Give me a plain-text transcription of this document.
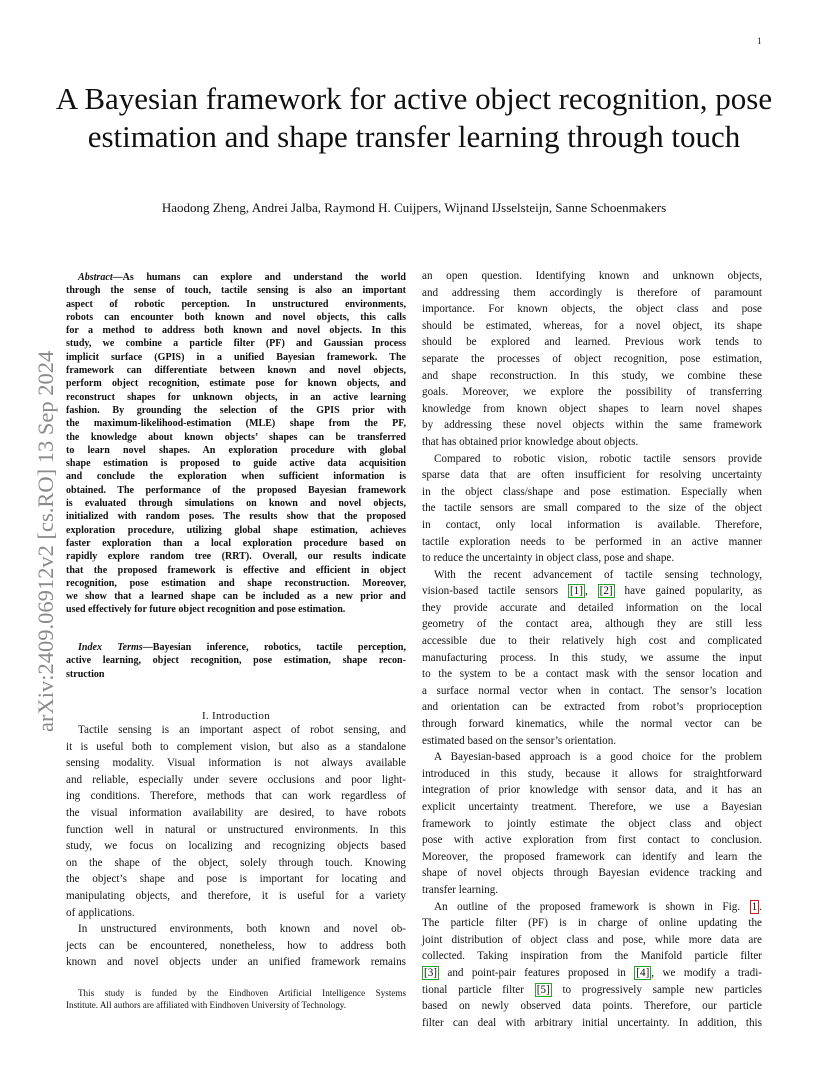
1
arXiv:2409.06912v2 [cs.RO] 13 Sep 2024
A Bayesian framework for active object recognition, pose estimation and shape transfer learning through touch
Haodong Zheng, Andrei Jalba, Raymond H. Cuijpers, Wijnand IJsselsteijn, Sanne Schoenmakers
Abstract—As humans can explore and understand the world
through the sense of touch, tactile sensing is also an important
aspect of robotic perception. In unstructured environments,
robots can encounter both known and novel objects, this calls
for a method to address both known and novel objects. In this
study, we combine a particle filter (PF) and Gaussian process
implicit surface (GPIS) in a unified Bayesian framework. The
framework can differentiate between known and novel objects,
perform object recognition, estimate pose for known objects, and
reconstruct shapes for unknown objects, in an active learning
fashion. By grounding the selection of the GPIS prior with
the maximum-likelihood-estimation (MLE) shape from the PF,
the knowledge about known objects’ shapes can be transferred
to learn novel shapes. An exploration procedure with global
shape estimation is proposed to guide active data acquisition
and conclude the exploration when sufficient information is
obtained. The performance of the proposed Bayesian framework
is evaluated through simulations on known and novel objects,
initialized with random poses. The results show that the proposed
exploration procedure, utilizing global shape estimation, achieves
faster exploration than a local exploration procedure based on
rapidly explore random tree (RRT). Overall, our results indicate
that the proposed framework is effective and efficient in object
recognition, pose estimation and shape reconstruction. Moreover,
we show that a learned shape can be included as a new prior and
used effectively for future object recognition and pose estimation.
Index Terms—Bayesian inference, robotics, tactile perception,
active learning, object recognition, pose estimation, shape recon-
struction
I. Introduction
Tactile sensing is an important aspect of robot sensing, and
it is useful both to complement vision, but also as a standalone
sensing modality. Visual information is not always available
and reliable, especially under severe occlusions and poor light-
ing conditions. Therefore, methods that can work regardless of
the visual information availability are desired, to have robots
function well in natural or unstructured environments. In this
study, we focus on localizing and recognizing objects based
on the shape of the object, solely through touch. Knowing
the object’s shape and pose is important for locating and
manipulating objects, and therefore, it is useful for a variety
of applications.
In unstructured environments, both known and novel ob-
jects can be encountered, nonetheless, how to address both
known and novel objects under an unified framework remains
This study is funded by the Eindhoven Artificial Intelligence Systems
Institute. All authors are affiliated with Eindhoven University of Technology.
an open question. Identifying known and unknown objects,
and addressing them accordingly is therefore of paramount
importance. For known objects, the object class and pose
should be estimated, whereas, for a novel object, its shape
should be explored and learned. Previous work tends to
separate the processes of object recognition, pose estimation,
and shape reconstruction. In this study, we combine these
goals. Moreover, we explore the possibility of transferring
knowledge from known object shapes to learn novel shapes
by addressing these novel objects within the same framework
that has obtained prior knowledge about objects.
Compared to robotic vision, robotic tactile sensors provide
sparse data that are often insufficient for resolving uncertainty
in the object class/shape and pose estimation. Especially when
the tactile sensors are small compared to the size of the object
in contact, only local information is available. Therefore,
tactile exploration needs to be performed in an active manner
to reduce the uncertainty in object class, pose and shape.
With the recent advancement of tactile sensing technology,
vision-based tactile sensors [1] , [2] have gained popularity, as
they provide accurate and detailed information on the local
geometry of the contact area, although they are still less
accessible due to their relatively high cost and complicated
manufacturing process. In this study, we assume the input
to the system to be a contact mask with the sensor location and
a surface normal vector when in contact. The sensor’s location
and orientation can be extracted from robot’s proprioception
through forward kinematics, while the normal vector can be
estimated based on the sensor’s orientation.
A Bayesian-based approach is a good choice for the problem
introduced in this study, because it allows for straightforward
integration of prior knowledge with sensor data, and it has an
explicit uncertainty treatment. Therefore, we use a Bayesian
framework to jointly estimate the object class and object
pose with active exploration from first contact to conclusion.
Moreover, the proposed framework can identify and learn the
shape of novel objects through Bayesian evidence tracking and
transfer learning.
An outline of the proposed framework is shown in Fig. 1 .
The particle filter (PF) is in charge of online updating the
joint distribution of object class and pose, while more data are
collected. Taking inspiration from the Manifold particle filter
[3] and point-pair features proposed in [4] , we modify a tradi-
tional particle filter [5] to progressively sample new particles
based on newly observed data points. Therefore, our particle
filter can deal with arbitrary initial uncertainty. In addition, this
